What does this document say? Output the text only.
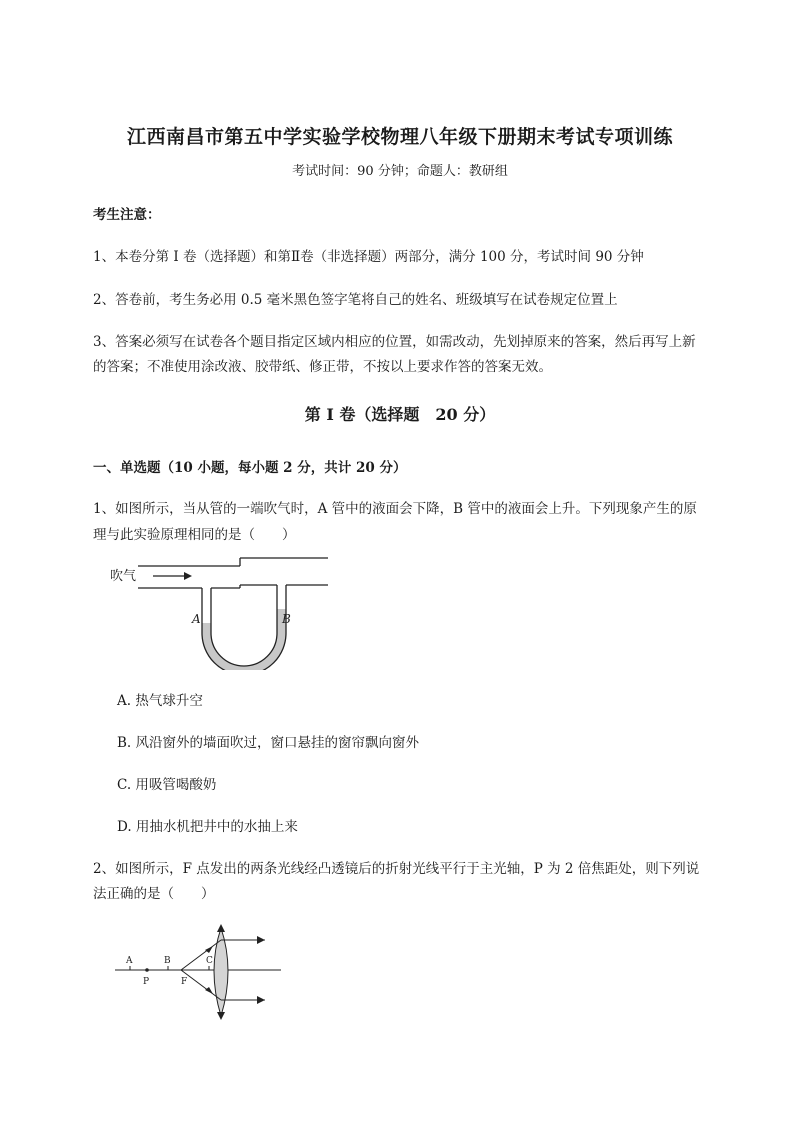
江西南昌市第五中学实验学校物理八年级下册期末考试专项训练
考试时间：90 分钟；命题人：教研组
考生注意：
1、本卷分第 I 卷（选择题）和第Ⅱ卷（非选择题）两部分，满分 100 分，考试时间 90 分钟
2、答卷前，考生务必用 0.5 毫米黑色签字笔将自己的姓名、班级填写在试卷规定位置上
3、答案必须写在试卷各个题目指定区域内相应的位置，如需改动，先划掉原来的答案，然后再写上新
的答案；不准使用涂改液、胶带纸、修正带，不按以上要求作答的答案无效。
第 I 卷（选择题　20 分）
一、单选题（10 小题，每小题 2 分，共计 20 分）
1、如图所示，当从管的一端吹气时，A 管中的液面会下降，B 管中的液面会上升。下列现象产生的原
理与此实验原理相同的是（　　）
吹气
A	B
A. 热气球升空
B. 风沿窗外的墙面吹过，窗口悬挂的窗帘飘向窗外
C. 用吸管喝酸奶
D. 用抽水机把井中的水抽上来
2、如图所示，F 点发出的两条光线经凸透镜后的折射光线平行于主光轴，P 为 2 倍焦距处，则下列说
法正确的是（　　）
A
P
B
F
C
